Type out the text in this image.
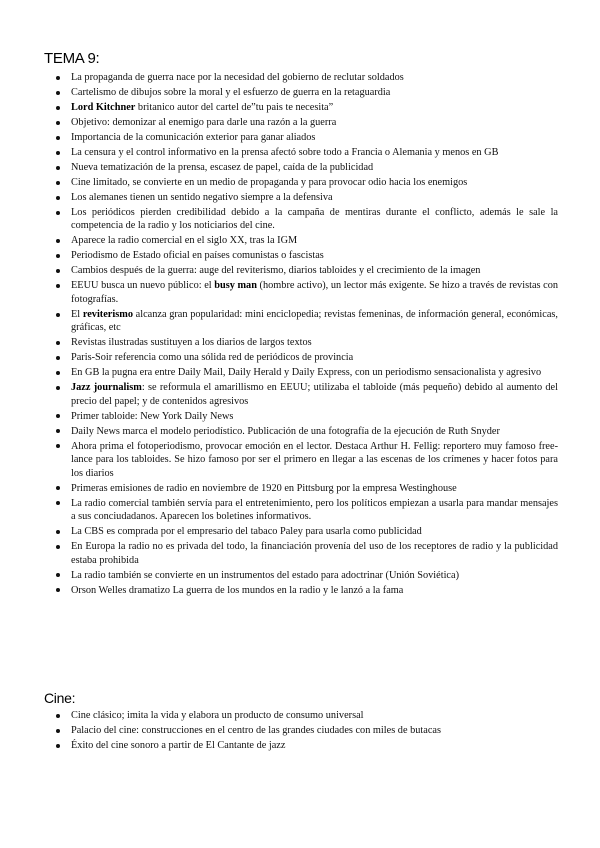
TEMA 9:
La propaganda de guerra nace por la necesidad del gobierno de reclutar soldados
Cartelismo de dibujos sobre la moral y el esfuerzo de guerra en la retaguardia
Lord Kitchner britanico autor del cartel de”tu pais te necesita”
Objetivo: demonizar al enemigo para darle una razón a la guerra
Importancia de la comunicación exterior para ganar aliados
La censura y el control informativo en la prensa afectó sobre todo a Francia o Alemania y menos en GB
Nueva tematización de la prensa, escasez de papel, caída de la publicidad
Cine limitado, se convierte en un medio de propaganda y para provocar odio hacia los enemigos
Los alemanes tienen un sentido negativo siempre a la defensiva
Los periódicos pierden credibilidad debido a la campaña de mentiras durante el conflicto, además le sale la competencia de la radio y los noticiarios del cine.
Aparece la radio comercial en el siglo XX, tras la IGM
Periodismo de Estado oficial en países comunistas o fascistas
Cambios después de la guerra: auge del reviterismo, diarios tabloides y el crecimiento de la imagen
EEUU busca un nuevo público: el busy man (hombre activo), un lector más exigente. Se hizo a través de revistas con fotografías.
El reviterismo alcanza gran popularidad: mini enciclopedia; revistas femeninas, de información general, económicas, gráficas, etc
Revistas ilustradas sustituyen a los diarios de largos textos
Paris-Soir referencia como una sólida red de periódicos de provincia
En GB la pugna era entre Daily Mail, Daily Herald y Daily Express, con un periodismo sensacionalista y agresivo
Jazz journalism: se reformula el amarillismo en EEUU; utilizaba el tabloide (más pequeño) debido al aumento del precio del papel; y de contenidos agresivos
Primer tabloide: New York Daily News
Daily News marca el modelo periodístico. Publicación de una fotografía de la ejecución de Ruth Snyder
Ahora prima el fotoperiodismo, provocar emoción en el lector. Destaca Arthur H. Fellig: reportero muy famoso free-lance para los tabloides. Se hizo famoso por ser el primero en llegar a las escenas de los crímenes y hacer fotos para los diarios
Primeras emisiones de radio en noviembre de 1920 en Pittsburg por la empresa Westinghouse
La radio comercial también servía para el entretenimiento, pero los políticos empiezan a usarla para mandar mensajes a sus conciudadanos. Aparecen los boletines informativos.
La CBS es comprada por el empresario del tabaco Paley para usarla como publicidad
En Europa la radio no es privada del todo, la financiación provenía del uso de los receptores de radio y la publicidad estaba prohibida
La radio también se convierte en un instrumentos del estado para adoctrinar (Unión Soviética)
Orson Welles dramatizo La guerra de los mundos en la radio y le lanzó a la fama
Cine:
Cine clásico; imita la vida y elabora un producto de consumo universal
Palacio del cine: construcciones en el centro de las grandes ciudades con miles de butacas
Éxito del cine sonoro a partir de El Cantante de jazz
